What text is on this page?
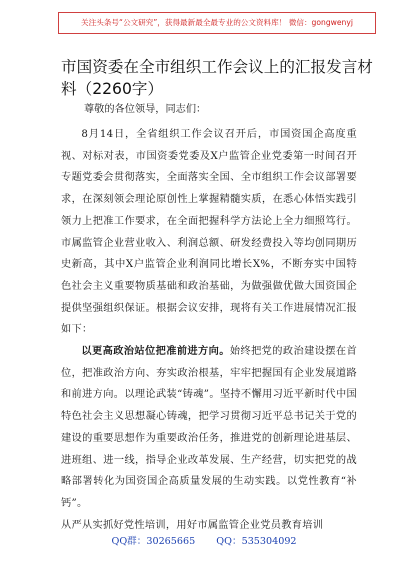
关注头条号“公文研究”，获得最新最全最专业的公文资料库！ 微信：gongwenyj
市国资委在全市组织工作会议上的汇报发言材料（2260字）
尊敬的各位领导，同志们：

8月14日，全省组织工作会议召开后，市国资国企高度重视、对标对表，市国资委党委及X户监管企业党委第一时间召开专题党委会贯彻落实，全面落实全国、全市组织工作会议部署要求，在深刻领会理论原创性上掌握精髓实质，在悉心体悟实践引领力上把准工作要求，在全面把握科学方法论上全力细照笃行。市属监管企业营业收入、利润总额、研发经费投入等均创同期历史新高，其中X户监管企业利润同比增长X%，不断夯实中国特色社会主义重要物质基础和政治基础，为做强做优做大国资国企提供坚强组织保证。根据会议安排，现将有关工作进展情况汇报如下：

以更高政治站位把准前进方向。始终把党的政治建设摆在首位，把准政治方向、夯实政治根基，牢牢把握国有企业发展道路和前进方向。以理论武装“铸魂”。坚持不懈用习近平新时代中国特色社会主义思想凝心铸魂，把学习贯彻习近平总书记关于党的建设的重要思想作为重要政治任务，推进党的创新理论进基层、进班组、进一线，指导企业改革发展、生产经营，切实把党的战略部署转化为国资国企高质量发展的生动实践。以党性教育“补钙”。

从严从实抓好党性培训，用好市属监管企业党员教育培训

QQ群：30265665 QQ：535304092
